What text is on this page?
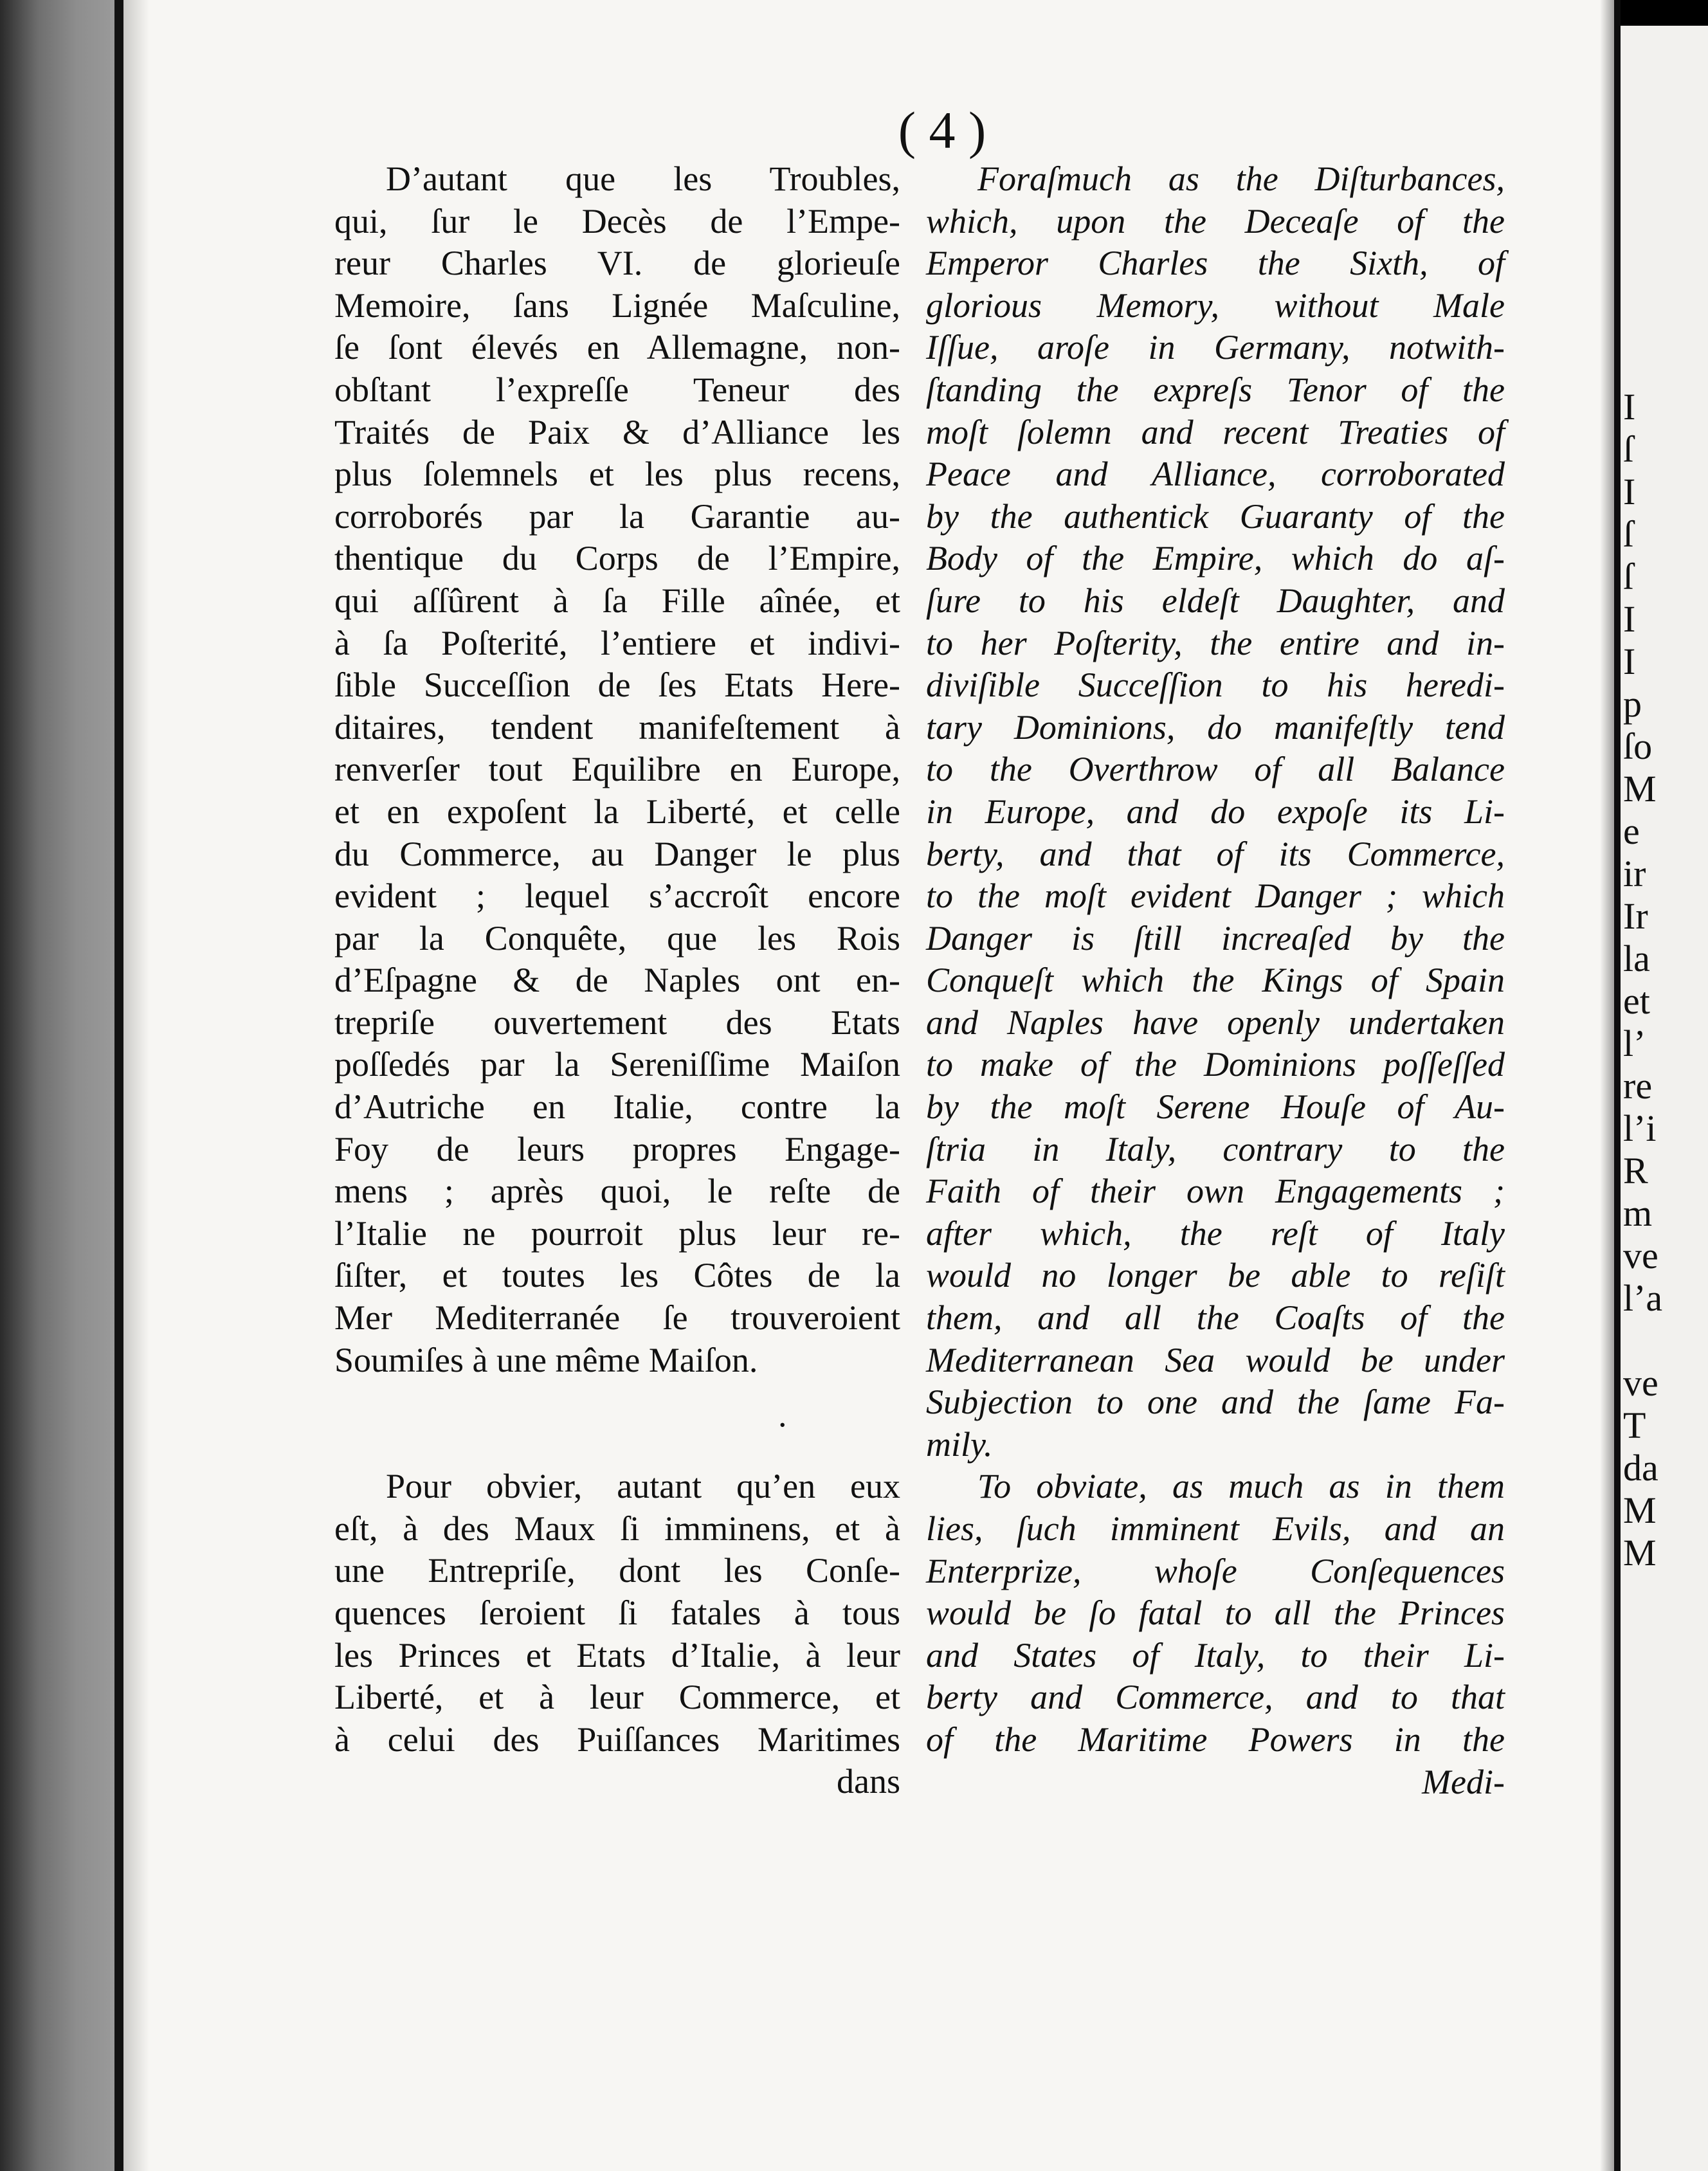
I
ſ
I
ſ
ſ
I
I
p
ſo
M
e
ir
Ir
la
et
l’
re
l’i
R
m
ve
l’a
ve
T
da
M
M
( 4 )
D’autant que les Troubles,
qui, ſur le Decès de l’Empe-
reur Charles VI. de glorieuſe
Memoire, ſans Lignée Maſculine,
ſe ſont élevés en Allemagne, non-
obſtant l’expreſſe Teneur des
Traités de Paix & d’Alliance les
plus ſolemnels et les plus recens,
corroborés par la Garantie au-
thentique du Corps de l’Empire,
qui aſſûrent à ſa Fille aînée, et
à ſa Poſterité, l’entiere et indivi-
ſible Succeſſion de ſes Etats Here-
ditaires, tendent manifeſtement à
renverſer tout Equilibre en Europe,
et en expoſent la Liberté, et celle
du Commerce, au Danger le plus
evident ; lequel s’accroît encore
par la Conquête, que les Rois
d’Eſpagne & de Naples ont en-
trepriſe ouvertement des Etats
poſſedés par la Sereniſſime Maiſon
d’Autriche en Italie, contre la
Foy de leurs propres Engage-
mens ; après quoi, le reſte de
l’Italie ne pourroit plus leur re-
ſiſter, et toutes les Côtes de la
Mer Mediterranée ſe trouveroient
Soumiſes à une même Maiſon.
.
Pour obvier, autant qu’en eux
eſt, à des Maux ſi imminens, et à
une Entrepriſe, dont les Conſe-
quences ſeroient ſi fatales à tous
les Princes et Etats d’Italie, à leur
Liberté, et à leur Commerce, et
à celui des Puiſſances Maritimes
dans
Foraſmuch as the Diſturbances,
which, upon the Deceaſe of the
Emperor Charles the Sixth, of
glorious Memory, without Male
Iſſue, aroſe in Germany, notwith-
ſtanding the expreſs Tenor of the
moſt ſolemn and recent Treaties of
Peace and Alliance, corroborated
by the authentick Guaranty of the
Body of the Empire, which do aſ-
ſure to his eldeſt Daughter, and
to her Poſterity, the entire and in-
diviſible Succeſſion to his heredi-
tary Dominions, do manifeſtly tend
to the Overthrow of all Balance
in Europe, and do expoſe its Li-
berty, and that of its Commerce,
to the moſt evident Danger ; which
Danger is ſtill increaſed by the
Conqueſt which the Kings of Spain
and Naples have openly undertaken
to make of the Dominions poſſeſſed
by the moſt Serene Houſe of Au-
ſtria in Italy, contrary to the
Faith of their own Engagements ;
after which, the reſt of Italy
would no longer be able to reſiſt
them, and all the Coaſts of the
Mediterranean Sea would be under
Subjection to one and the ſame Fa-
mily.
To obviate, as much as in them
lies, ſuch imminent Evils, and an
Enterprize, whoſe Conſequences
would be ſo fatal to all the Princes
and States of Italy, to their Li-
berty and Commerce, and to that
of the Maritime Powers in the
Medi-
